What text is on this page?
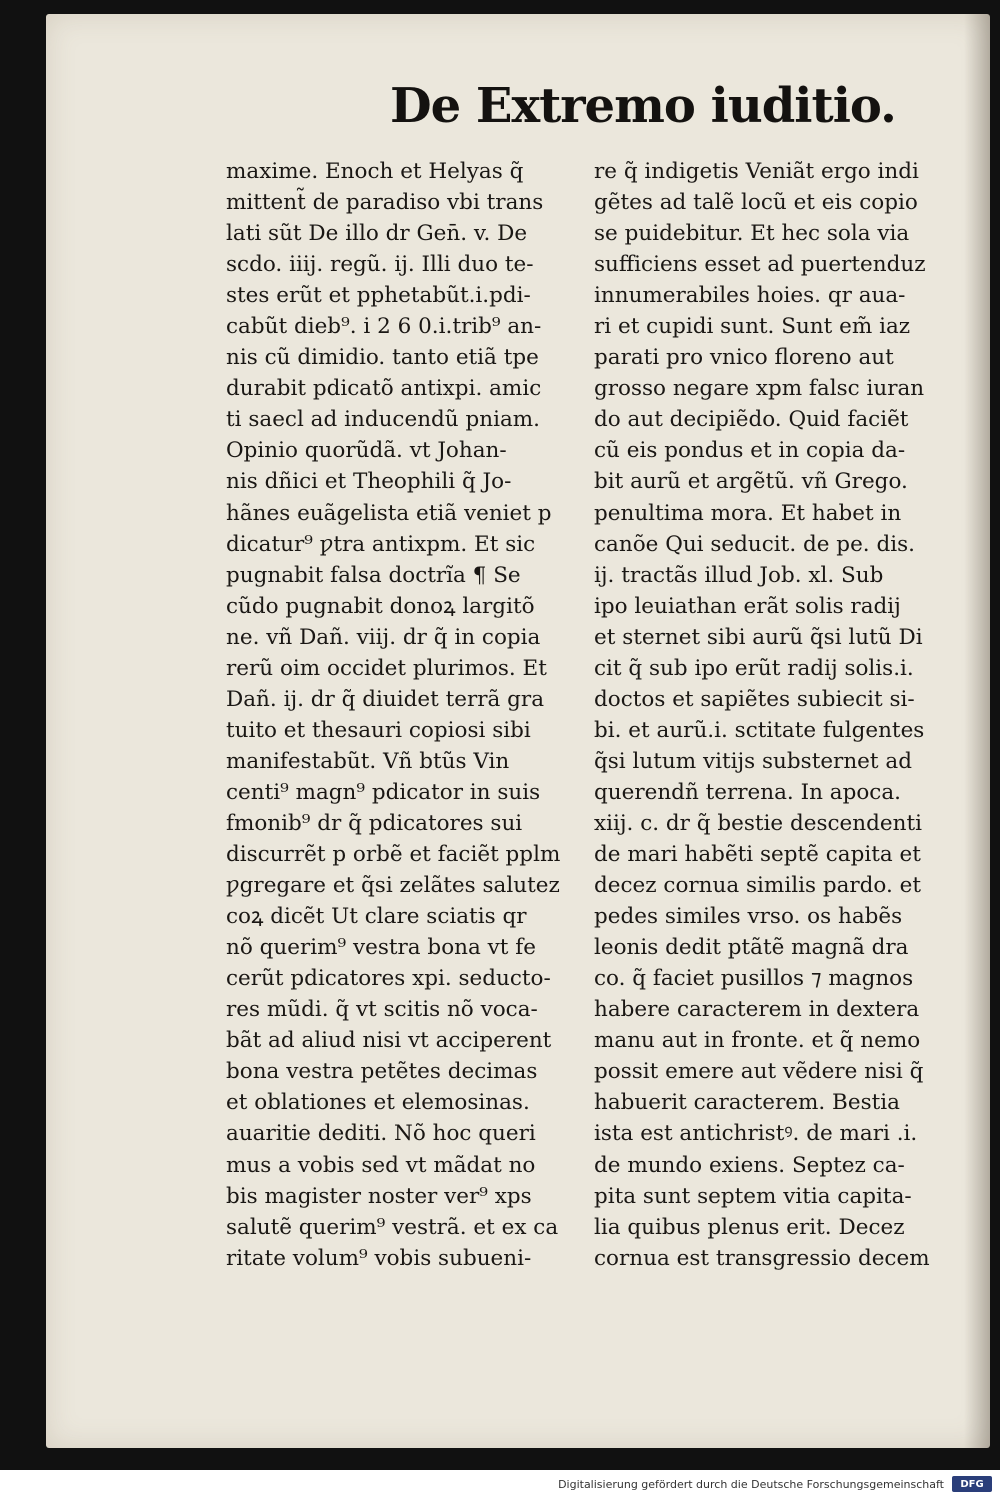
De Extremo iuditio.
maxime. Enoch et Helyas q̃
mittent̃ de paradiso vbi trans
lati sũt De illo dr Gen̄. v. De
scdo. iiij. regũ. ij. Illi duo te-
stes erũt et pphetabũt.i.pdi-
cabũt dieb⁹. i 2 6 0.i.trib⁹ an-
nis cũ dimidio. tanto etiã tpe
durabit pdicatõ antixpi. amic
ti saecl ad inducendũ pniam.
Opinio quorũdã. vt Johan-
nis dñici et Theophili q̃ Jo-
hãnes euãgelista etiã veniet p
dicatur⁹ ƿtra antixpm. Et sic
pugnabit falsa doctrĩa ¶ Se
cũdo pugnabit donoꝝ largitõ
ne. vñ Dañ. viij. dr q̃ in copia
rerũ oim occidet plurimos. Et
Dañ. ij. dr q̃ diuidet terrã gra
tuito et thesauri copiosi sibi
manifestabũt. Vñ btũs Vin
centi⁹ magn⁹ pdicator in suis
fmonib⁹ dr q̃ pdicatores sui
discurrẽt p orbẽ et faciẽt pplm
ƿgregare et q̃si zelãtes salutez
coꝝ dicẽt Ut clare sciatis qr
nõ querim⁹ vestra bona vt fe
cerũt pdicatores xpi. seducto-
res mũdi. q̃ vt scitis nõ voca-
bãt ad aliud nisi vt acciperent
bona vestra petẽtes decimas
et oblationes et elemosinas.
auaritie dediti. Nõ hoc queri
mus a vobis sed vt mãdat no
bis magister noster ver⁹ xps
salutẽ querim⁹ vestrã. et ex ca
ritate volum⁹ vobis subueni-
re q̃ indigetis Veniãt ergo indi
gẽtes ad talẽ locũ et eis copio
se puidebitur. Et hec sola via
sufficiens esset ad puertenduz
innumerabiles hoies. qr aua-
ri et cupidi sunt. Sunt em̃ iaz
parati pro vnico floreno aut
grosso negare xpm falsc iuran
do aut decipiẽdo. Quid faciẽt
cũ eis pondus et in copia da-
bit aurũ et argẽtũ. vñ Grego.
penultima mora. Et habet in
canõe Qui seducit. de pe. dis.
ij. tractãs illud Job. xl. Sub
ipo leuiathan erãt solis radij
et sternet sibi aurũ q̃si lutũ Di
cit q̃ sub ipo erũt radij solis.i.
doctos et sapiẽtes subiecit si-
bi. et aurũ.i. sctitate fulgentes
q̃si lutum vitijs substernet ad
querendñ terrena. In apoca.
xiij. c. dr q̃ bestie descendenti
de mari habẽti septẽ capita et
decez cornua similis pardo. et
pedes similes vrso. os habẽs
leonis dedit ptãtẽ magnã dra
co. q̃ faciet pusillos ⁊ magnos
habere caracterem in dextera
manu aut in fronte. et q̃ nemo
possit emere aut vẽdere nisi q̃
habuerit caracterem. Bestia
ista est antichristꝰ. de mari .i.
de mundo exiens. Septez ca-
pita sunt septem vitia capita-
lia quibus plenus erit. Decez
cornua est transgressio decem
Digitalisierung gefördert durch die Deutsche Forschungsgemeinschaft DFG
